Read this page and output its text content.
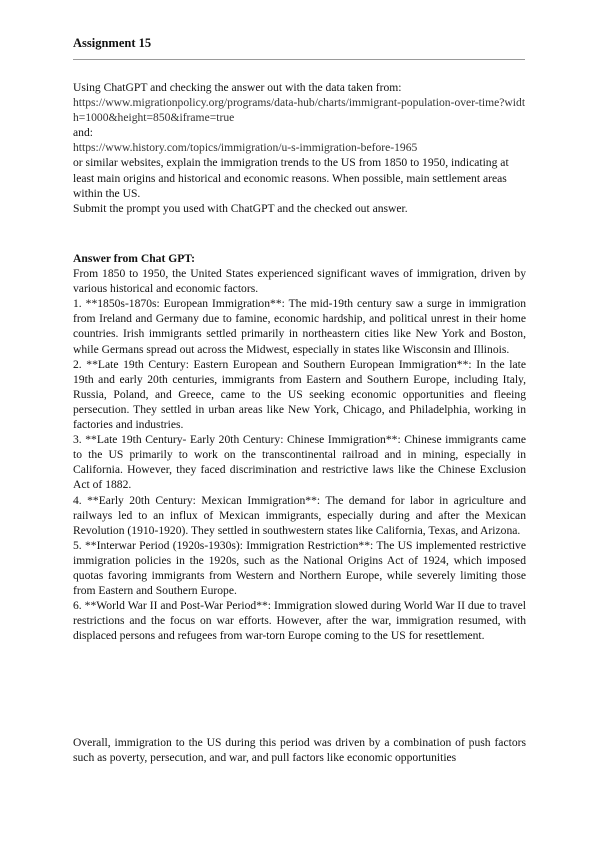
Assignment 15

Using ChatGPT and checking the answer out with the data taken from:

https://www.migrationpolicy.org/programs/data-hub/charts/immigrant-population-over-time?width=1000&height=850&iframe=true

and:

https://www.history.com/topics/immigration/u-s-immigration-before-1965

or similar websites, explain the immigration trends to the US from 1850 to 1950, indicating at least main origins and historical and economic reasons. When possible, main settlement areas within the US.

Submit the prompt you used with ChatGPT and the checked out answer.

Answer from Chat GPT:

From 1850 to 1950, the United States experienced significant waves of immigration, driven by various historical and economic factors.

1. **1850s-1870s: European Immigration**: The mid-19th century saw a surge in immigration from Ireland and Germany due to famine, economic hardship, and political unrest in their home countries. Irish immigrants settled primarily in northeastern cities like New York and Boston, while Germans spread out across the Midwest, especially in states like Wisconsin and Illinois.

2. **Late 19th Century: Eastern European and Southern European Immigration**: In the late 19th and early 20th centuries, immigrants from Eastern and Southern Europe, including Italy, Russia, Poland, and Greece, came to the US seeking economic opportunities and fleeing persecution. They settled in urban areas like New York, Chicago, and Philadelphia, working in factories and industries.

3. **Late 19th Century- Early 20th Century: Chinese Immigration**: Chinese immigrants came to the US primarily to work on the transcontinental railroad and in mining, especially in California. However, they faced discrimination and restrictive laws like the Chinese Exclusion Act of 1882.

4. **Early 20th Century: Mexican Immigration**: The demand for labor in agriculture and railways led to an influx of Mexican immigrants, especially during and after the Mexican Revolution (1910-1920). They settled in southwestern states like California, Texas, and Arizona.

5. **Interwar Period (1920s-1930s): Immigration Restriction**: The US implemented restrictive immigration policies in the 1920s, such as the National Origins Act of 1924, which imposed quotas favoring immigrants from Western and Northern Europe, while severely limiting those from Eastern and Southern Europe.

6. **World War II and Post-War Period**: Immigration slowed during World War II due to travel restrictions and the focus on war efforts. However, after the war, immigration resumed, with displaced persons and refugees from war-torn Europe coming to the US for resettlement.

Overall, immigration to the US during this period was driven by a combination of push factors such as poverty, persecution, and war, and pull factors like economic opportunities
